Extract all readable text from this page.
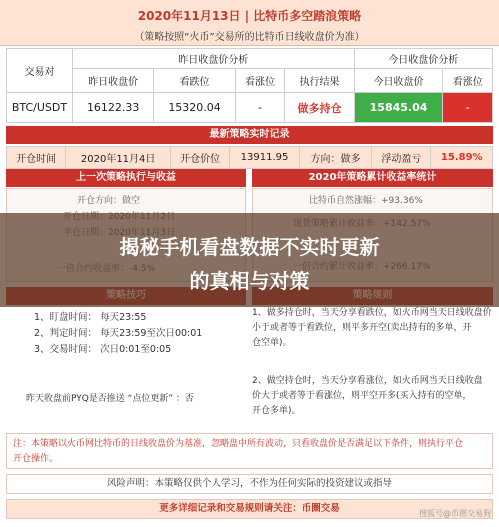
2020年11月13日 | 比特币多空踏浪策略
（策略按照“火币”交易所的比特币日线收盘价为准）
交易对	昨日收盘价分析				今日收盘价分析	
	昨日收盘价	看跌位	看涨位	执行结果	今日收盘价	看涨位
BTC/USDT	16122.33	15320.04	-	做多持仓	15845.04	-
最新策略实时记录
开仓时间	2020年11月4日	开仓价位	13911.95	方向：做多	浮动盈亏	15.89%
上一次策略执行与收益	2020年策略累计收益率统计
开仓方向：做空	比特币自然涨幅：+93.36%
1、盯盘时间： 每天23:55
2、判定时间： 每天23:59至次日00:01
3、交易时间： 次日0:01至0:05
昨天收盘前PYQ是否推送 “点位更新” ：否
1、做多持仓时，当天分享看跌位，如火币网当天日线收盘价
小于或者等于看跌位，则平多开空(卖出持有的多单，开
仓空单)。
2、做空持仓时，当天分享看涨位，如火币网当天日线收盘
价大于或者等于看涨位，则平空开多(买入持有的空单，
开仓多单)。
注：本策略以火币网比特币的日线收盘价为基准，忽略盘中所有波动，只看收盘价是否满足以下条件，则执行平仓
开仓操作。
风险声明：本策略仅供个人学习，不作为任何实际的投资建议或指导
更多详细记录和交易规则请关注：币圈交易	搜狐号@币圈交易狗
揭秘手机看盘数据不实时更新
的真相与对策
